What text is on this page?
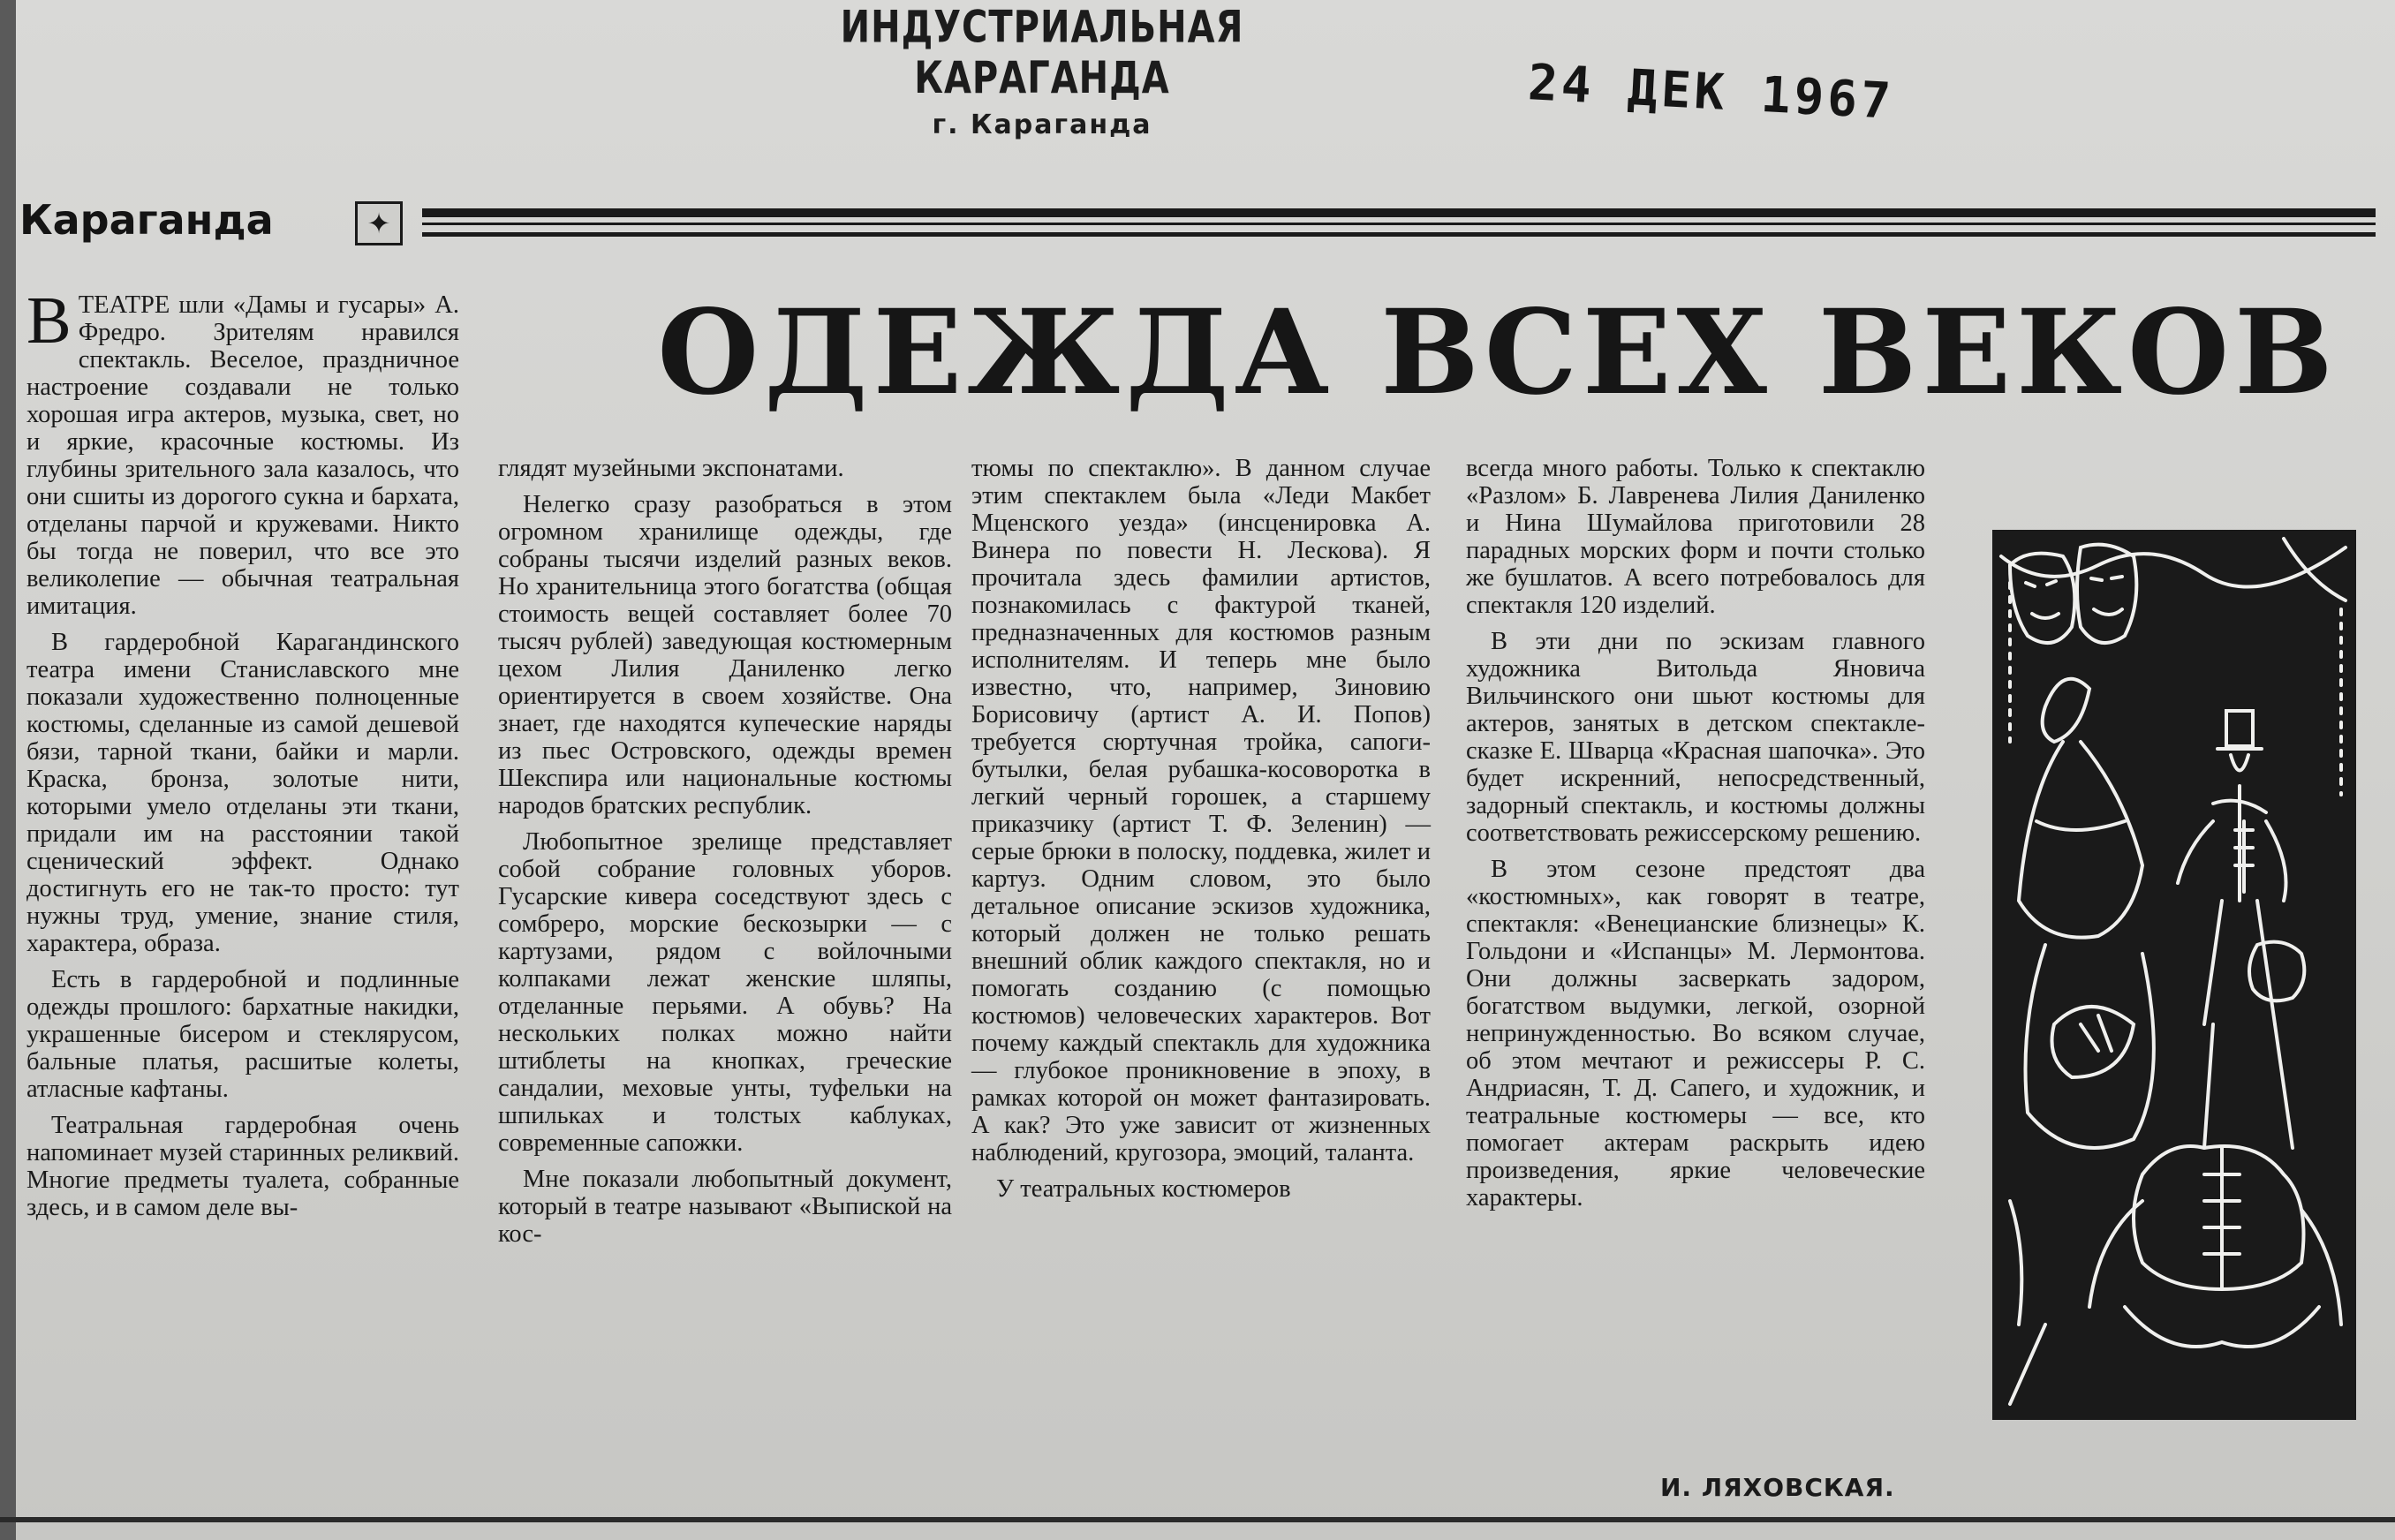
ИНДУСТРИАЛЬНАЯ КАРАГАНДА
г. Караганда	24 ДЕК 1967
Караганда	✦
ОДЕЖДА ВСЕХ ВЕКОВ

ВТЕАТРЕ шли «Дамы и гусары» А. Фредро. Зрителям нравился спектакль. Веселое, праздничное настроение создавали не только хорошая игра актеров, музыка, свет, но и яркие, красочные костюмы. Из глубины зрительного зала казалось, что они сшиты из дорогого сукна и бархата, отделаны парчой и кружевами. Никто бы тогда не поверил, что все это великолепие — обычная театральная имитация.

В гардеробной Карагандинского театра имени Станиславского мне показали художественно полноценные костюмы, сделанные из самой дешевой бязи, тарной ткани, байки и марли. Краска, бронза, золотые нити, которыми умело отделаны эти ткани, придали им на расстоянии такой сценический эффект. Однако достигнуть его не так-то просто: тут нужны труд, умение, знание стиля, характера, образа.

Есть в гардеробной и подлинные одежды прошлого: бархатные накидки, украшенные бисером и стеклярусом, бальные платья, расшитые колеты, атласные кафтаны.

Театральная гардеробная очень напоминает музей старинных реликвий. Многие предметы туалета, собранные здесь, и в самом деле вы-

глядят музейными экспонатами.

Нелегко сразу разобраться в этом огромном хранилище одежды, где собраны тысячи изделий разных веков. Но хранительница этого богатства (общая стоимость вещей составляет более 70 тысяч рублей) заведующая костюмерным цехом Лилия Даниленко легко ориентируется в своем хозяйстве. Она знает, где находятся купеческие наряды из пьес Островского, одежды времен Шекспира или национальные костюмы народов братских республик.

Любопытное зрелище представляет собой собрание головных уборов. Гусарские кивера соседствуют здесь с сомбреро, морские бескозырки — с картузами, рядом с войлочными колпаками лежат женские шляпы, отделанные перьями. А обувь? На нескольких полках можно найти штиблеты на кнопках, греческие сандалии, меховые унты, туфельки на шпильках и толстых каблуках, современные сапожки.

Мне показали любопытный документ, который в театре называют «Выпиской на кос-

тюмы по спектаклю». В данном случае этим спектаклем была «Леди Макбет Мценского уезда» (инсценировка А. Винера по повести Н. Лескова). Я прочитала здесь фамилии артистов, познакомилась с фактурой тканей, предназначенных для костюмов разным исполнителям. И теперь мне было известно, что, например, Зиновию Борисовичу (артист А. И. Попов) требуется сюртучная тройка, сапоги-бутылки, белая рубашка-косоворотка в легкий черный горошек, а старшему приказчику (артист Т. Ф. Зеленин) — серые брюки в полоску, поддевка, жилет и картуз. Одним словом, это было детальное описание эскизов художника, который должен не только решать внешний облик каждого спектакля, но и помогать созданию (с помощью костюмов) человеческих характеров. Вот почему каждый спектакль для художника — глубокое проникновение в эпоху, в рамках которой он может фантазировать. А как? Это уже зависит от жизненных наблюдений, кругозора, эмоций, таланта.

У театральных костюмеров

всегда много работы. Только к спектаклю «Разлом» Б. Лавренева Лилия Даниленко и Нина Шумайлова приготовили 28 парадных морских форм и почти столько же бушлатов. А всего потребовалось для спектакля 120 изделий.

В эти дни по эскизам главного художника Витольда Яновича Вильчинского они шьют костюмы для актеров, занятых в детском спектакле-сказке Е. Шварца «Красная шапочка». Это будет искренний, непосредственный, задорный спектакль, и костюмы должны соответствовать режиссерскому решению.

В этом сезоне предстоят два «костюмных», как говорят в театре, спектакля: «Венецианские близнецы» К. Гольдони и «Испанцы» М. Лермонтова. Они должны засверкать задором, богатством выдумки, легкой, озорной непринужденностью. Во всяком случае, об этом мечтают и режиссеры Р. С. Андриасян, Т. Д. Сапего, и художник, и театральные костюмеры — все, кто помогает актерам раскрыть идею произведения, яркие человеческие характеры.

И. ЛЯХОВСКАЯ.
